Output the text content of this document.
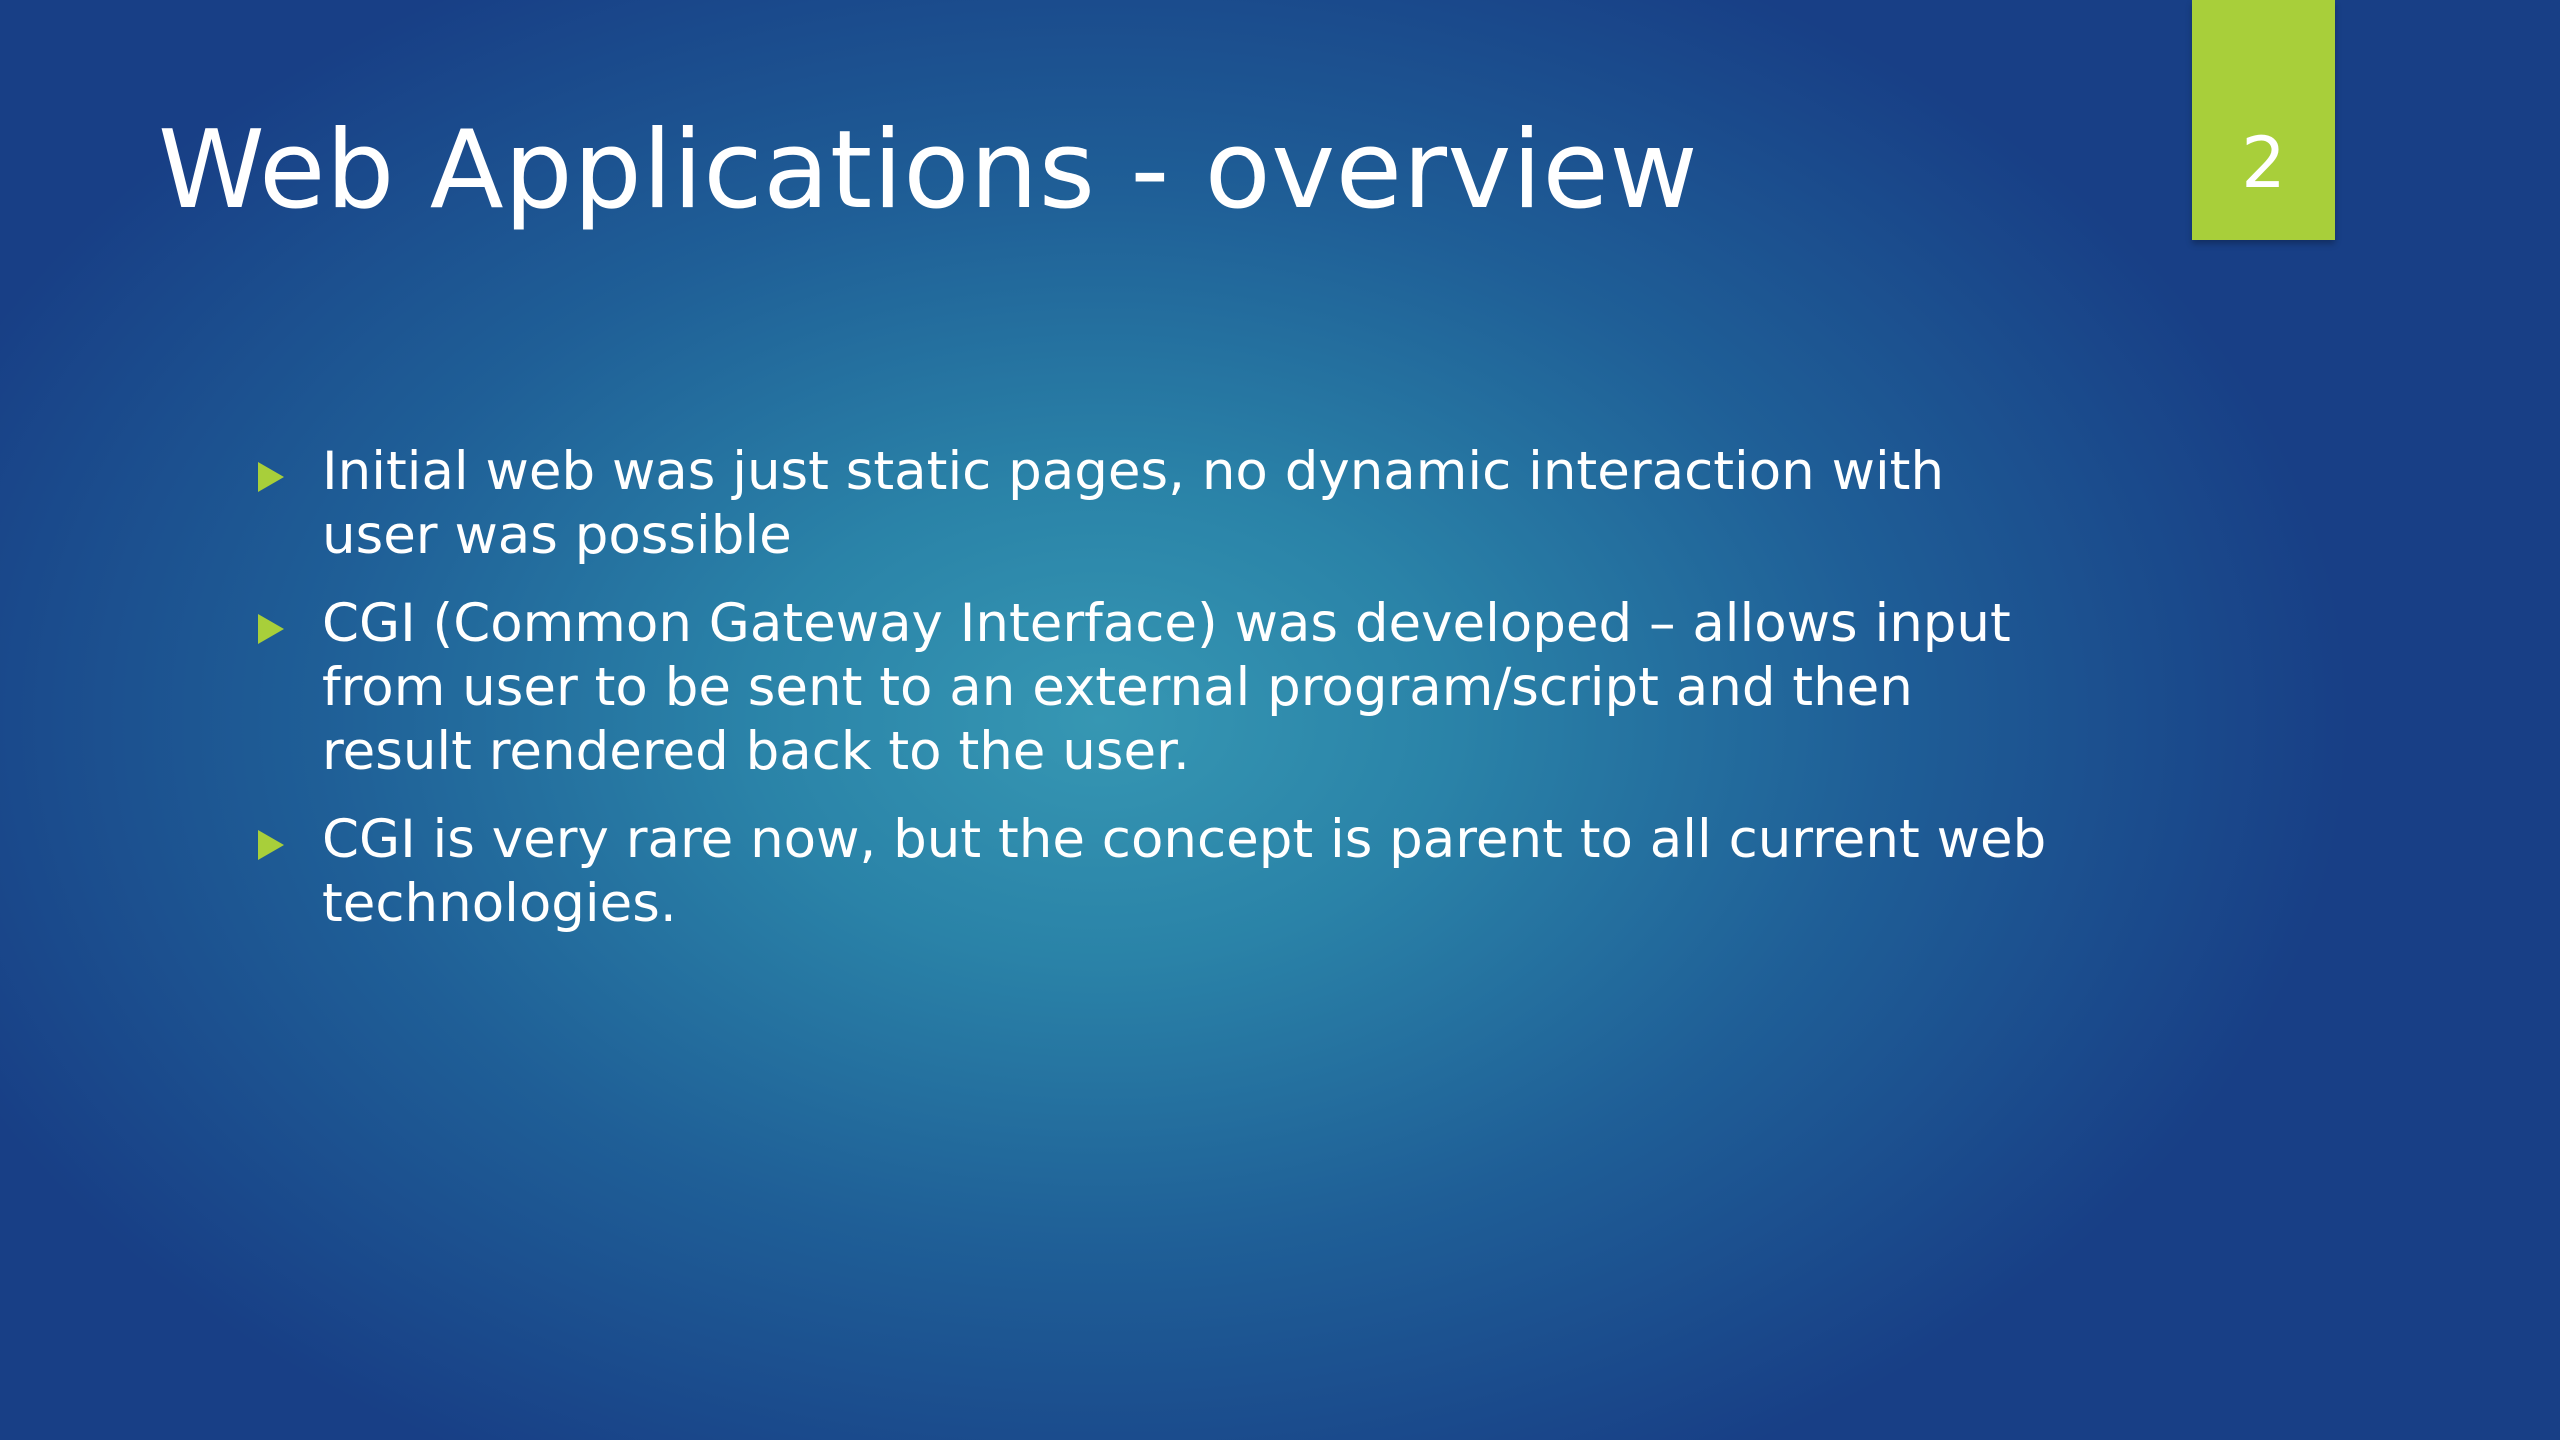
2
Web Applications - overview
Initial web was just static pages, no dynamic interaction with user was possible
CGI (Common Gateway Interface) was developed – allows input from user to be sent to an external program/script and then result rendered back to the user.
CGI is very rare now, but the concept is parent to all current web technologies.
